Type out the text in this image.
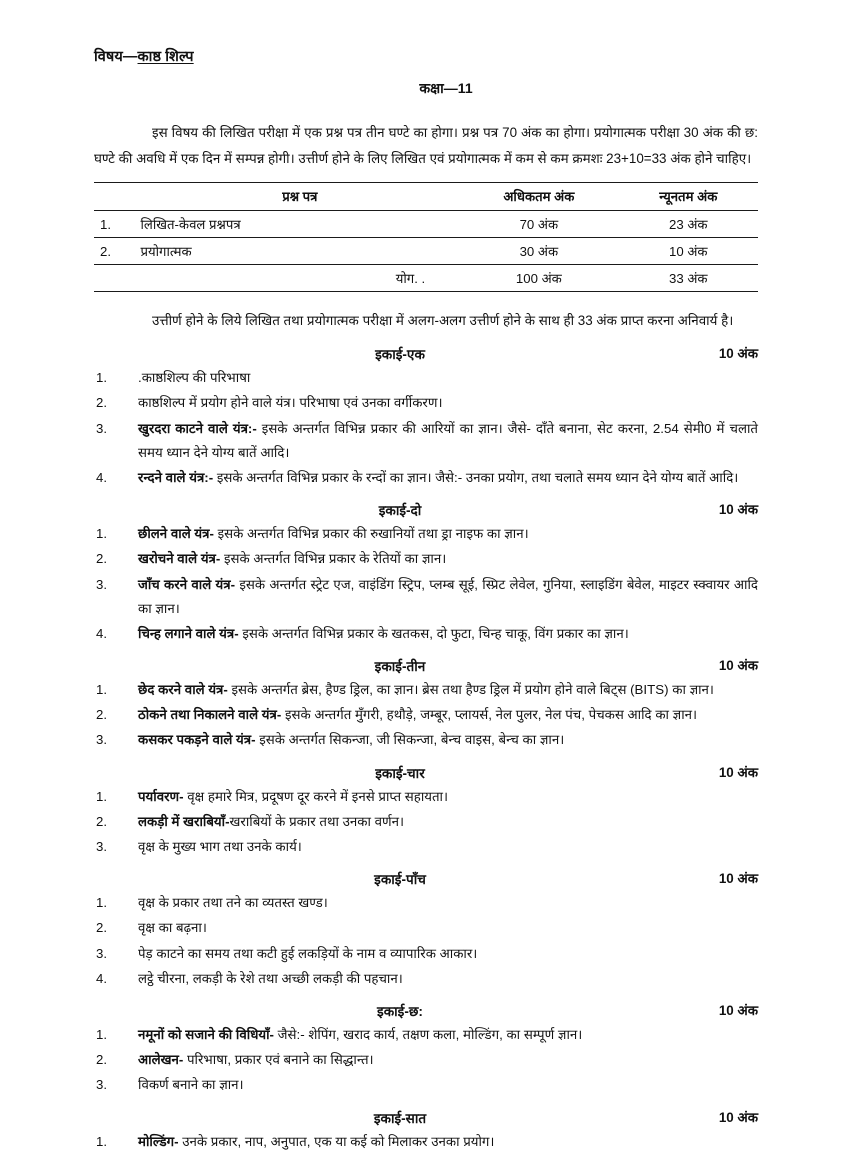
विषय—काष्ठ शिल्प
कक्षा—11

इस विषय की लिखित परीक्षा में एक प्रश्न पत्र तीन घण्टे का होगा। प्रश्न पत्र 70 अंक का होगा। प्रयोगात्मक परीक्षा 30 अंक की छ: घण्टे की अवधि में एक दिन में सम्पन्न होगी। उत्तीर्ण होने के लिए लिखित एवं प्रयोगात्मक में कम से कम क्रमशः 23+10=33 अंक होने चाहिए।

	प्रश्न पत्र	अधिकतम अंक	न्यूनतम अंक
1.	लिखित-केवल प्रश्नपत्र	70 अंक	23 अंक
2.	प्रयोगात्मक	30 अंक	10 अंक
	योग. .	100 अंक	33 अंक

उत्तीर्ण होने के लिये लिखित तथा प्रयोगात्मक परीक्षा में अलग-अलग उत्तीर्ण होने के साथ ही 33 अंक प्राप्त करना अनिवार्य है।

इकाई-एक	10 अंक
1.	.काष्ठशिल्प की परिभाषा
2.	काष्ठशिल्प में प्रयोग होने वाले यंत्र। परिभाषा एवं उनका वर्गीकरण।
3.	खुरदरा काटने वाले यंत्र:- इसके अन्तर्गत विभिन्न प्रकार की आरियों का ज्ञान। जैसे- दाँते बनाना, सेट करना, 2.54 सेमी0 में चलाते समय ध्यान देने योग्य बातें आदि।
4.	रन्दने वाले यंत्र:- इसके अन्तर्गत विभिन्न प्रकार के रन्दों का ज्ञान। जैसे:- उनका प्रयोग, तथा चलाते समय ध्यान देने योग्य बातें आदि।
इकाई-दो	10 अंक
1.	छीलने वाले यंत्र- इसके अन्तर्गत विभिन्न प्रकार की रुखानियों तथा ड्रा नाइफ का ज्ञान।
2.	खरोचने वाले यंत्र- इसके अन्तर्गत विभिन्न प्रकार के रेतियों का ज्ञान।
3.	जाँच करने वाले यंत्र- इसके अन्तर्गत स्ट्रेट एज, वाइंडिंग स्ट्रिप, प्लम्ब सूई, स्प्रिट लेवेल, गुनिया, स्लाइडिंग बेवेल, माइटर स्क्वायर आदि का ज्ञान।
4.	चिन्ह लगाने वाले यंत्र- इसके अन्तर्गत विभिन्न प्रकार के खतकस, दो फुटा, चिन्ह चाकू, विंग प्रकार का ज्ञान।
इकाई-तीन	10 अंक
1.	छेद करने वाले यंत्र- इसके अन्तर्गत ब्रेस, हैण्ड ड्रिल, का ज्ञान। ब्रेस तथा हैण्ड ड्रिल में प्रयोग होने वाले बिट्स (BITS) का ज्ञान।
2.	ठोकने तथा निकालने वाले यंत्र- इसके अन्तर्गत मुँगरी, हथौड़े, जम्बूर, प्लायर्स, नेल पुलर, नेल पंच, पेचकस आदि का ज्ञान।
3.	कसकर पकड़ने वाले यंत्र- इसके अन्तर्गत सिकन्जा, जी सिकन्जा, बेन्च वाइस, बेन्च का ज्ञान।
इकाई-चार	10 अंक
1.	पर्यावरण- वृक्ष हमारे मित्र, प्रदूषण दूर करने में इनसे प्राप्त सहायता।
2.	लकड़ी में खराबियाँ-खराबियों के प्रकार तथा उनका वर्णन।
3.	वृक्ष के मुख्य भाग तथा उनके कार्य।
इकाई-पाँच	10 अंक
1.	वृक्ष के प्रकार तथा तने का व्यतस्त खण्ड।
2.	वृक्ष का बढ़ना।
3.	पेड़ काटने का समय तथा कटी हुई लकड़ियों के नाम व व्यापारिक आकार।
4.	लट्ठे चीरना, लकड़ी के रेशे तथा अच्छी लकड़ी की पहचान।
इकाई-छ:	10 अंक
1.	नमूनों को सजाने की विधियाँ- जैसे:- शेपिंग, खराद कार्य, तक्षण कला, मोल्डिंग, का सम्पूर्ण ज्ञान।
2.	आलेखन- परिभाषा, प्रकार एवं बनाने का सिद्धान्त।
3.	विकर्ण बनाने का ज्ञान।
इकाई-सात	10 अंक
1.	मोल्डिंग- उनके प्रकार, नाप, अनुपात, एक या कई को मिलाकर उनका प्रयोग।
